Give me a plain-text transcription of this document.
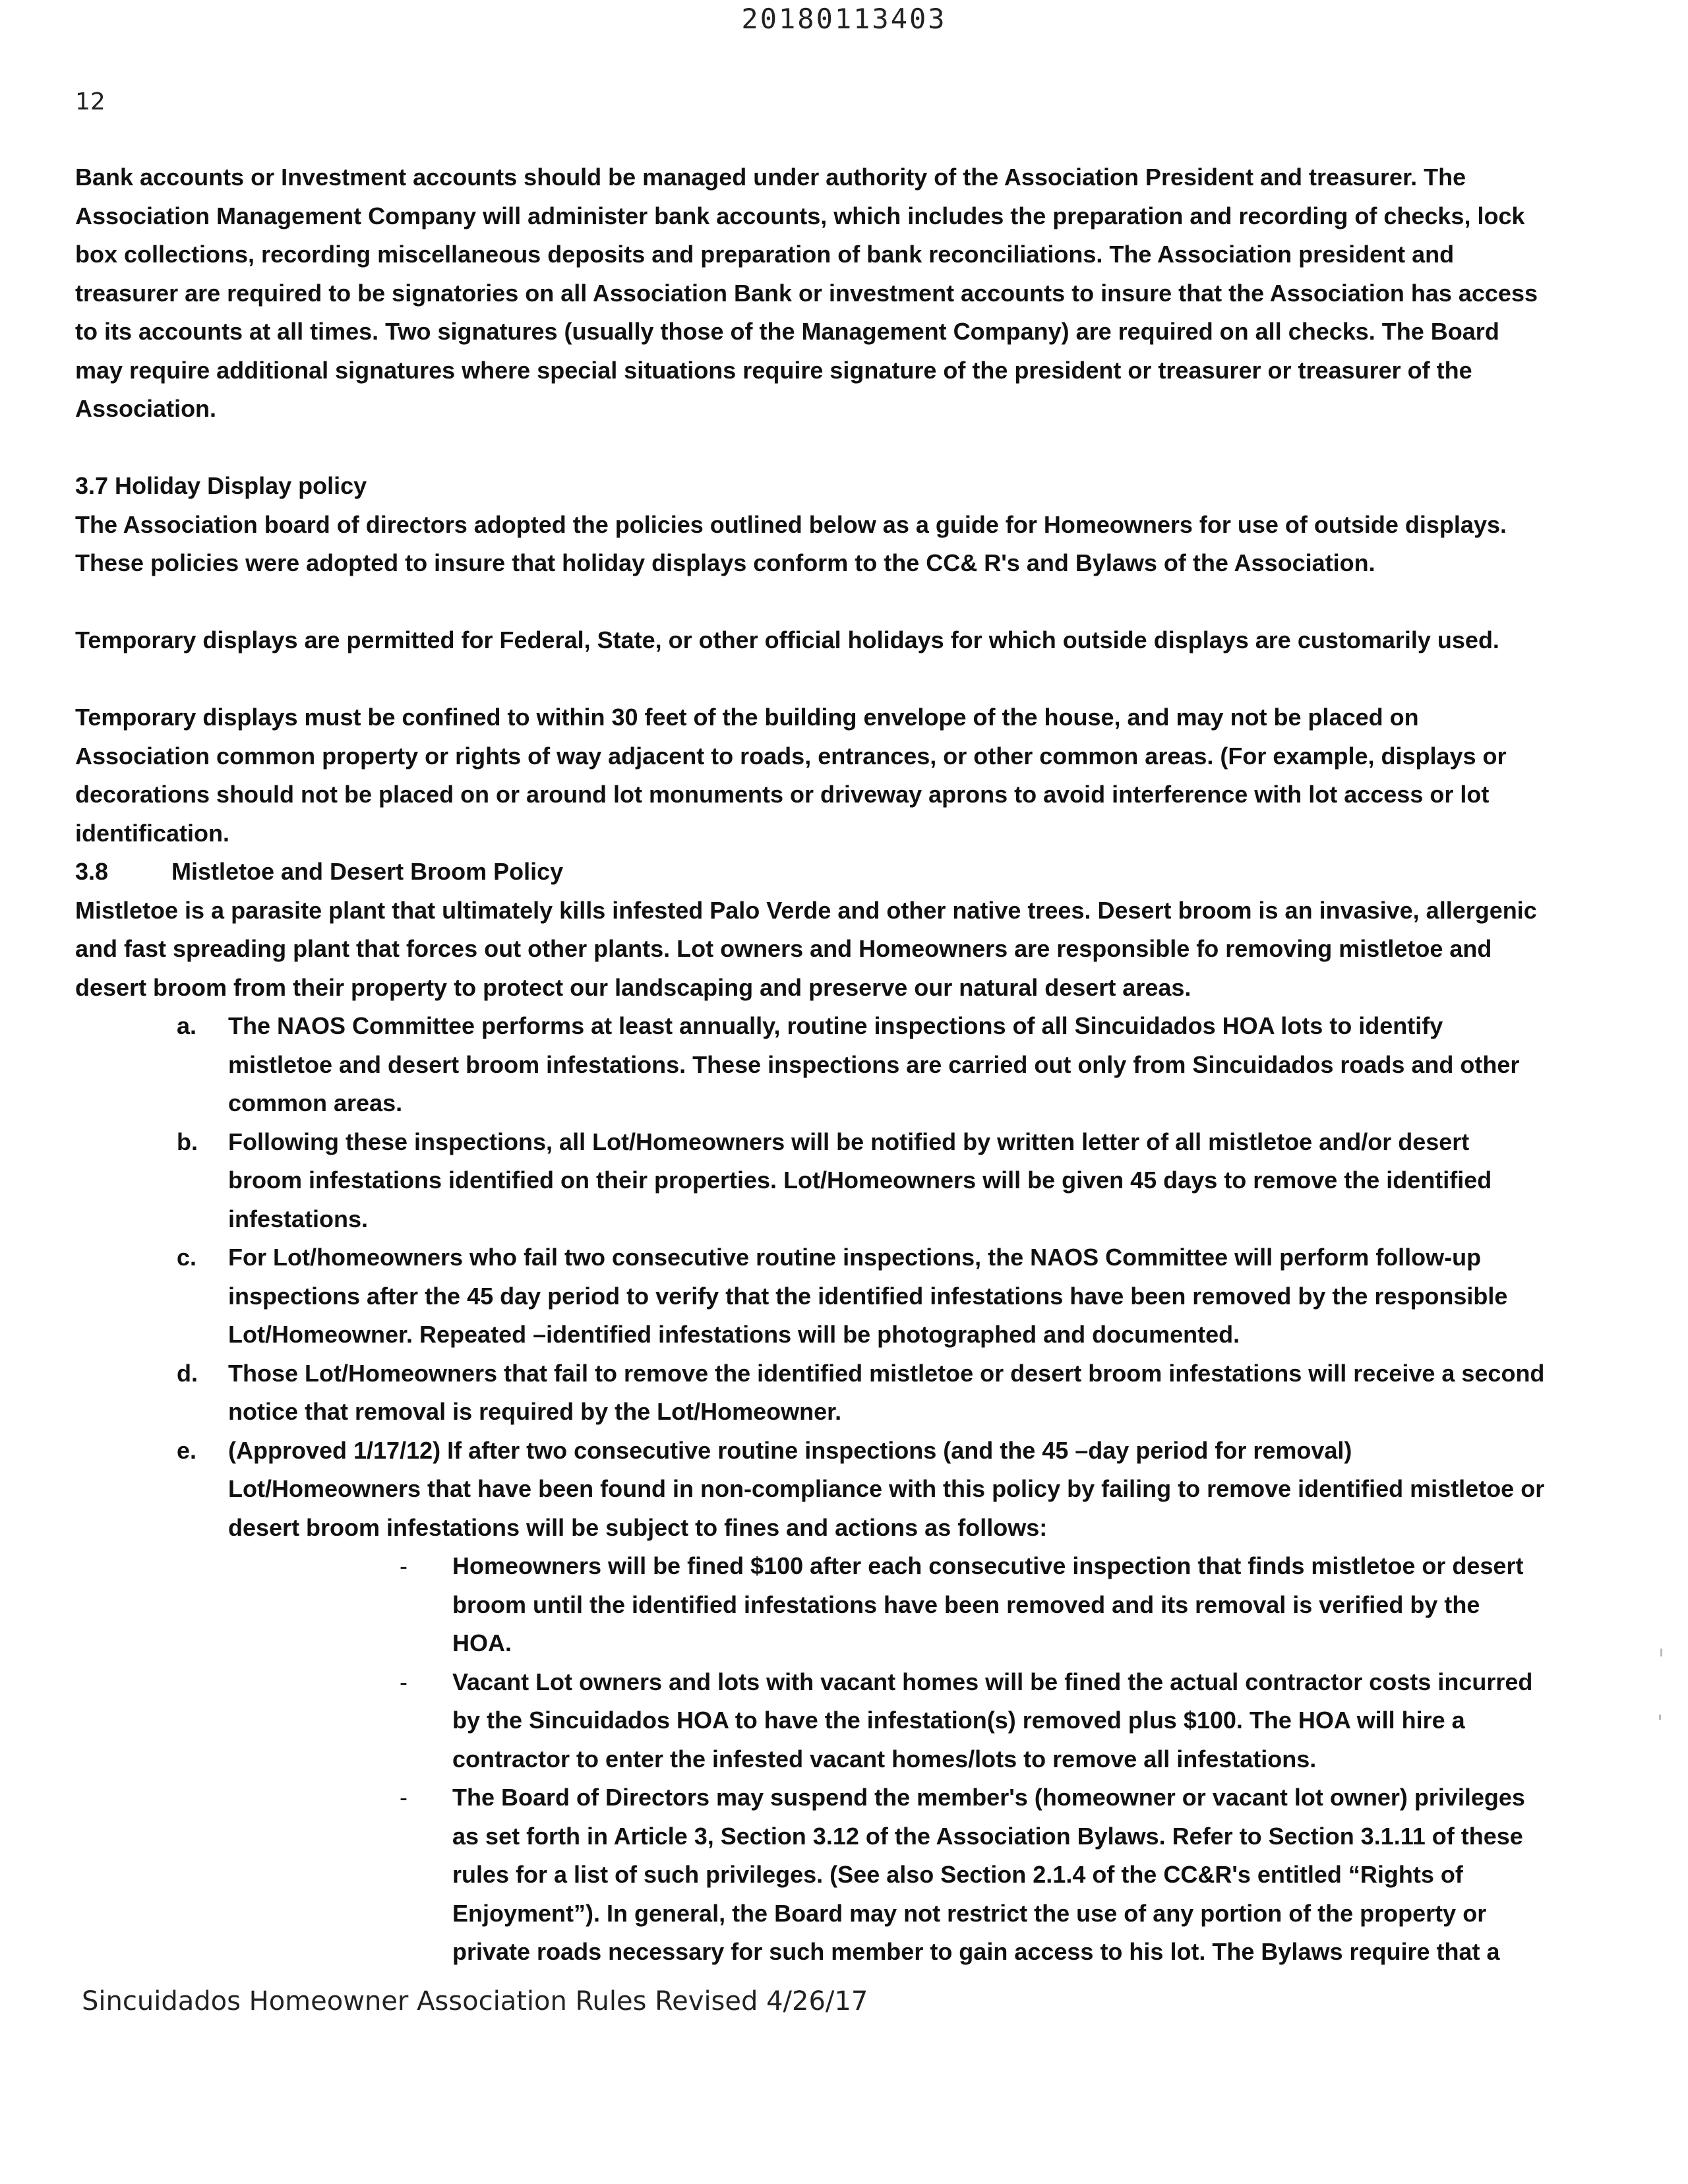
20180113403
12

Bank accounts or Investment accounts should be managed under authority of the Association President and treasurer. The Association Management Company will administer bank accounts, which includes the preparation and recording of checks, lock box collections, recording miscellaneous deposits and preparation of bank reconciliations. The Association president and treasurer are required to be signatories on all Association Bank or investment accounts to insure that the Association has access to its accounts at all times. Two signatures (usually those of the Management Company) are required on all checks. The Board may require additional signatures where special situations require signature of the president or treasurer or treasurer of the Association.

3.7 Holiday Display policy

The Association board of directors adopted the policies outlined below as a guide for Homeowners for use of outside displays. These policies were adopted to insure that holiday displays conform to the CC& R's and Bylaws of the Association.

Temporary displays are permitted for Federal, State, or other official holidays for which outside displays are customarily used.

Temporary displays must be confined to within 30 feet of the building envelope of the house, and may not be placed on Association common property or rights of way adjacent to roads, entrances, or other common areas. (For example, displays or decorations should not be placed on or around lot monuments or driveway aprons to avoid interference with lot access or lot identification.

3.8	Mistletoe and Desert Broom Policy

Mistletoe is a parasite plant that ultimately kills infested Palo Verde and other native trees. Desert broom is an invasive, allergenic and fast spreading plant that forces out other plants. Lot owners and Homeowners are responsible fo removing mistletoe and desert broom from their property to protect our landscaping and preserve our natural desert areas.

a. The NAOS Committee performs at least annually, routine inspections of all Sincuidados HOA lots to identify mistletoe and desert broom infestations. These inspections are carried out only from Sincuidados roads and other common areas.
b. Following these inspections, all Lot/Homeowners will be notified by written letter of all mistletoe and/or desert broom infestations identified on their properties. Lot/Homeowners will be given 45 days to remove the identified infestations.
c. For Lot/homeowners who fail two consecutive routine inspections, the NAOS Committee will perform follow-up inspections after the 45 day period to verify that the identified infestations have been removed by the responsible Lot/Homeowner. Repeated –identified infestations will be photographed and documented.
d. Those Lot/Homeowners that fail to remove the identified mistletoe or desert broom infestations will receive a second notice that removal is required by the Lot/Homeowner.
e. (Approved 1/17/12) If after two consecutive routine inspections (and the 45 –day period for removal) Lot/Homeowners that have been found in non-compliance with this policy by failing to remove identified mistletoe or desert broom infestations will be subject to fines and actions as follows:
- Homeowners will be fined $100 after each consecutive inspection that finds mistletoe or desert broom until the identified infestations have been removed and its removal is verified by the HOA.
- Vacant Lot owners and lots with vacant homes will be fined the actual contractor costs incurred by the Sincuidados HOA to have the infestation(s) removed plus $100. The HOA will hire a contractor to enter the infested vacant homes/lots to remove all infestations.
- The Board of Directors may suspend the member's (homeowner or vacant lot owner) privileges as set forth in Article 3, Section 3.12 of the Association Bylaws. Refer to Section 3.1.11 of these rules for a list of such privileges. (See also Section 2.1.4 of the CC&R's entitled “Rights of Enjoyment”). In general, the Board may not restrict the use of any portion of the property or private roads necessary for such member to gain access to his lot. The Bylaws require that a
Sincuidados Homeowner Association Rules Revised 4/26/17
